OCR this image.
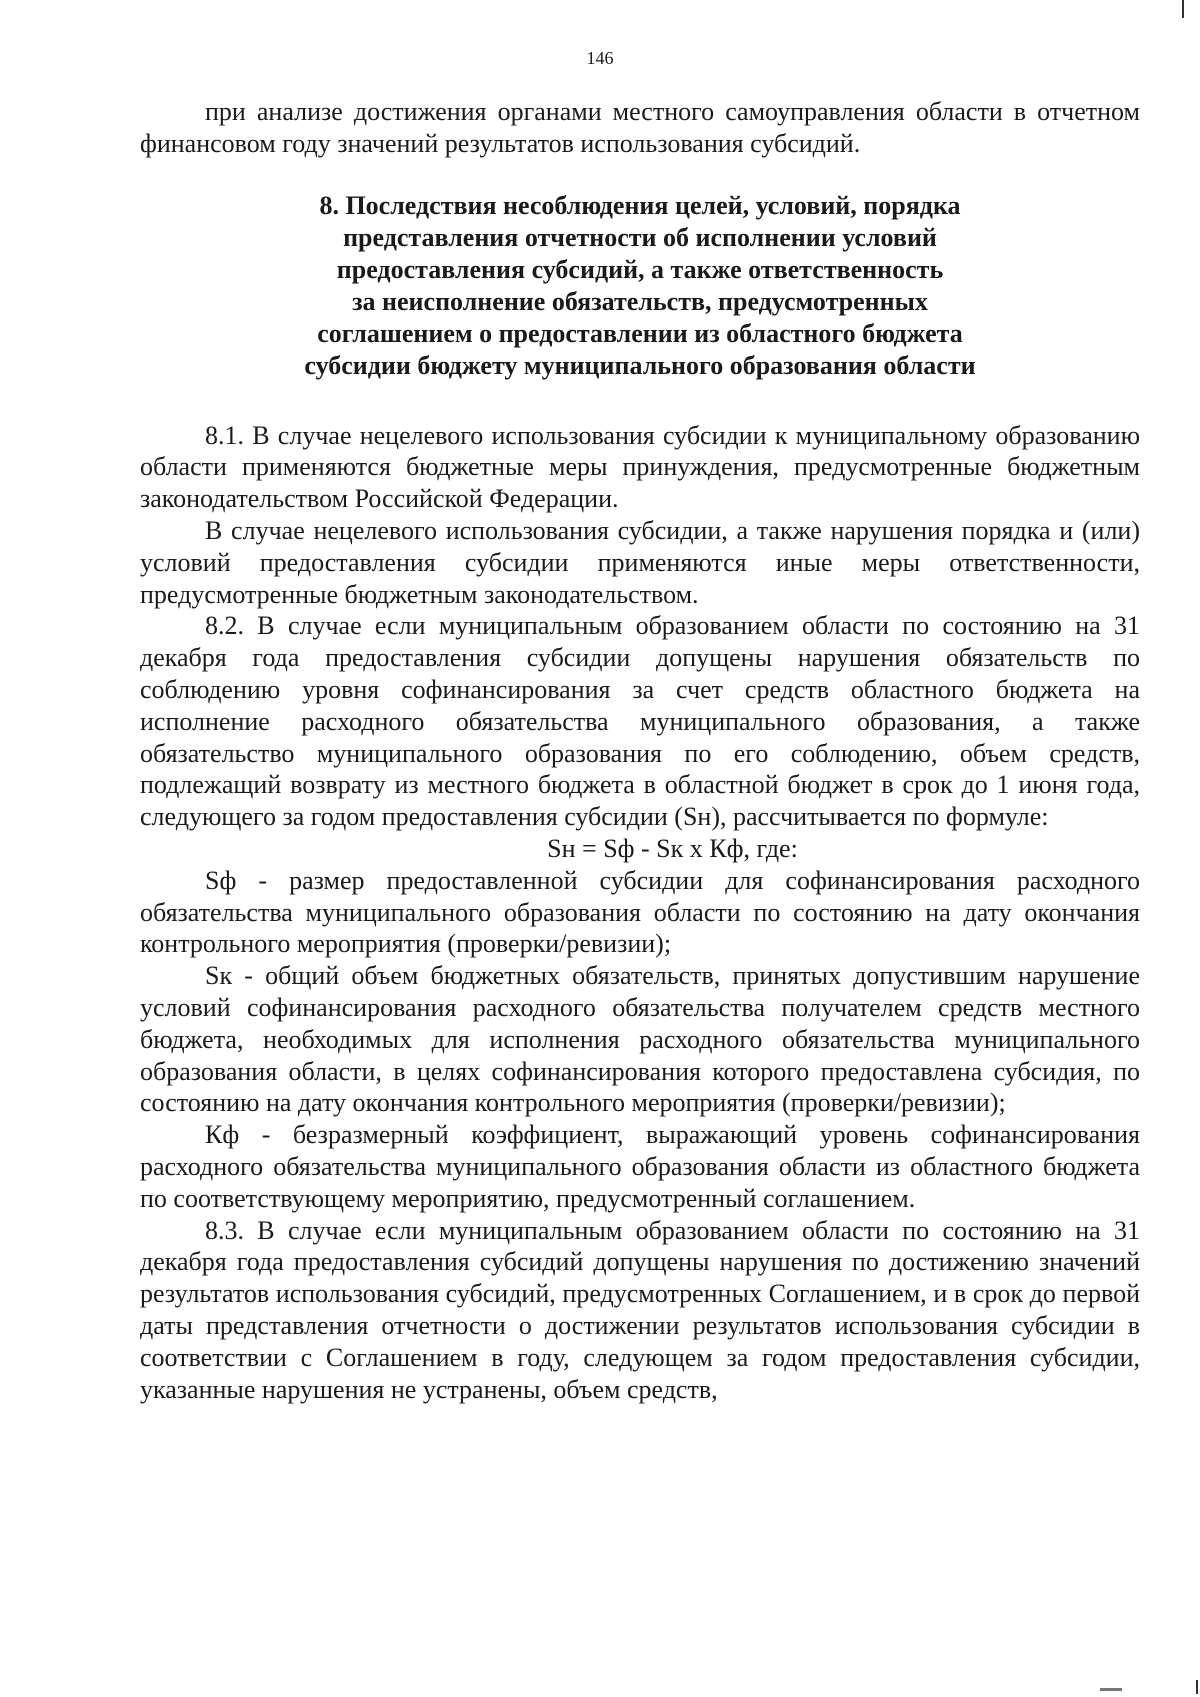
146

при анализе достижения органами местного самоуправления области в отчетном финансовом году значений результатов использования субсидий.

8. Последствия несоблюдения целей, условий, порядка
представления отчетности об исполнении условий
предоставления субсидий, а также ответственность
за неисполнение обязательств, предусмотренных
соглашением о предоставлении из областного бюджета
субсидии бюджету муниципального образования области

8.1. В случае нецелевого использования субсидии к муниципальному образованию области применяются бюджетные меры принуждения, предусмотренные бюджетным законодательством Российской Федерации.

В случае нецелевого использования субсидии, а также нарушения порядка и (или) условий предоставления субсидии применяются иные меры ответственности, предусмотренные бюджетным законодательством.

8.2. В случае если муниципальным образованием области по состоянию на 31 декабря года предоставления субсидии допущены нарушения обязательств по соблюдению уровня софинансирования за счет средств областного бюджета на исполнение расходного обязательства муниципального образования, а также обязательство муниципального образования по его соблюдению, объем средств, подлежащий возврату из местного бюджета в областной бюджет в срок до 1 июня года, следующего за годом предоставления субсидии (Sн), рассчитывается по формуле:

Sн = Sф - Sк x Кф, где:

Sф - размер предоставленной субсидии для софинансирования расходного обязательства муниципального образования области по состоянию на дату окончания контрольного мероприятия (проверки/ревизии);

Sк - общий объем бюджетных обязательств, принятых допустившим нарушение условий софинансирования расходного обязательства получателем средств местного бюджета, необходимых для исполнения расходного обязательства муниципального образования области, в целях софинансирования которого предоставлена субсидия, по состоянию на дату окончания контрольного мероприятия (проверки/ревизии);

Кф - безразмерный коэффициент, выражающий уровень софинансирования расходного обязательства муниципального образования области из областного бюджета по соответствующему мероприятию, предусмотренный соглашением.

8.3. В случае если муниципальным образованием области по состоянию на 31 декабря года предоставления субсидий допущены нарушения по достижению значений результатов использования субсидий, предусмотренных Соглашением, и в срок до первой даты представления отчетности о достижении результатов использования субсидии в соответствии с Соглашением в году, следующем за годом предоставления субсидии, указанные нарушения не устранены, объем средств,
